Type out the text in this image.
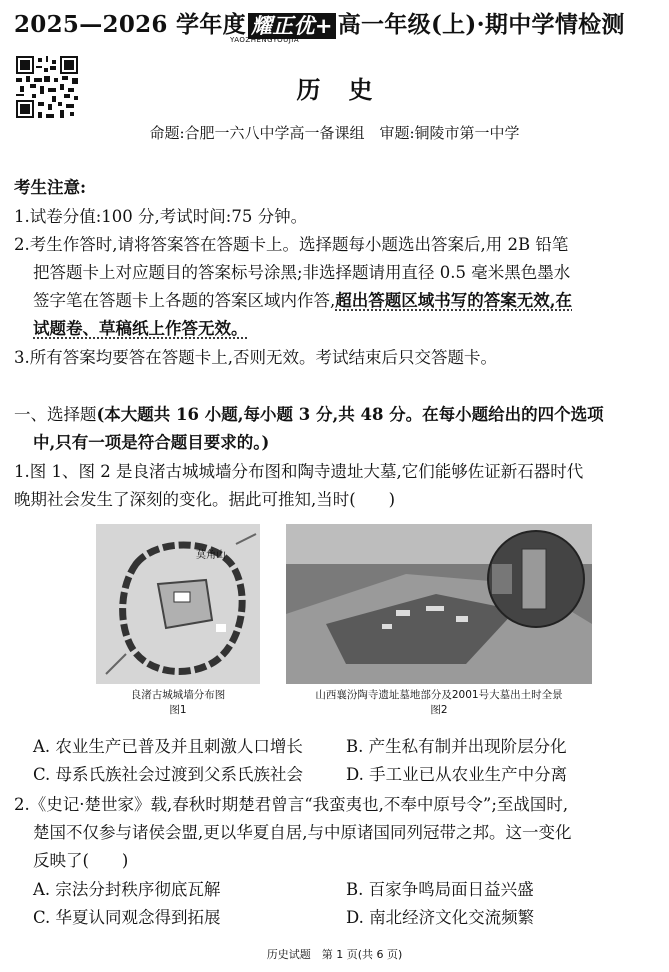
2025—2026 学年度 耀正优+ 高一年级(上)·期中学情检测
YAOZHENGYOUJIA
历史
命题:合肥一六八中学高一备课组　审题:铜陵市第一中学
考生注意:
1.试卷分值:100 分,考试时间:75 分钟。
2.考生作答时,请将答案答在答题卡上。选择题每小题选出答案后,用 2B 铅笔
把答题卡上对应题目的答案标号涂黑;非选择题请用直径 0.5 毫米黑色墨水
签字笔在答题卡上各题的答案区域内作答,超出答题区域书写的答案无效,在
试题卷、草稿纸上作答无效。
3.所有答案均要答在答题卡上,否则无效。考试结束后只交答题卡。
一、选择题(本大题共 16 小题,每小题 3 分,共 48 分。在每小题给出的四个选项
中,只有一项是符合题目要求的。)
1.图 1、图 2 是良渚古城城墙分布图和陶寺遗址大墓,它们能够佐证新石器时代
晚期社会发生了深刻的变化。据此可推知,当时(　　)
莫角山
良渚古城城墙分布图
图1
山西襄汾陶寺遗址墓地部分及2001号大墓出土时全景
图2
A. 农业生产已普及并且刺激人口增长	B. 产生私有制并出现阶层分化
C. 母系氏族社会过渡到父系氏族社会	D. 手工业已从农业生产中分离
2.《史记·楚世家》载,春秋时期楚君曾言“我蛮夷也,不奉中原号令”;至战国时,
楚国不仅参与诸侯会盟,更以华夏自居,与中原诸国同列冠带之邦。这一变化
反映了(　　)
A. 宗法分封秩序彻底瓦解	B. 百家争鸣局面日益兴盛
C. 华夏认同观念得到拓展	D. 南北经济文化交流频繁
历史试题　第 1 页(共 6 页)
